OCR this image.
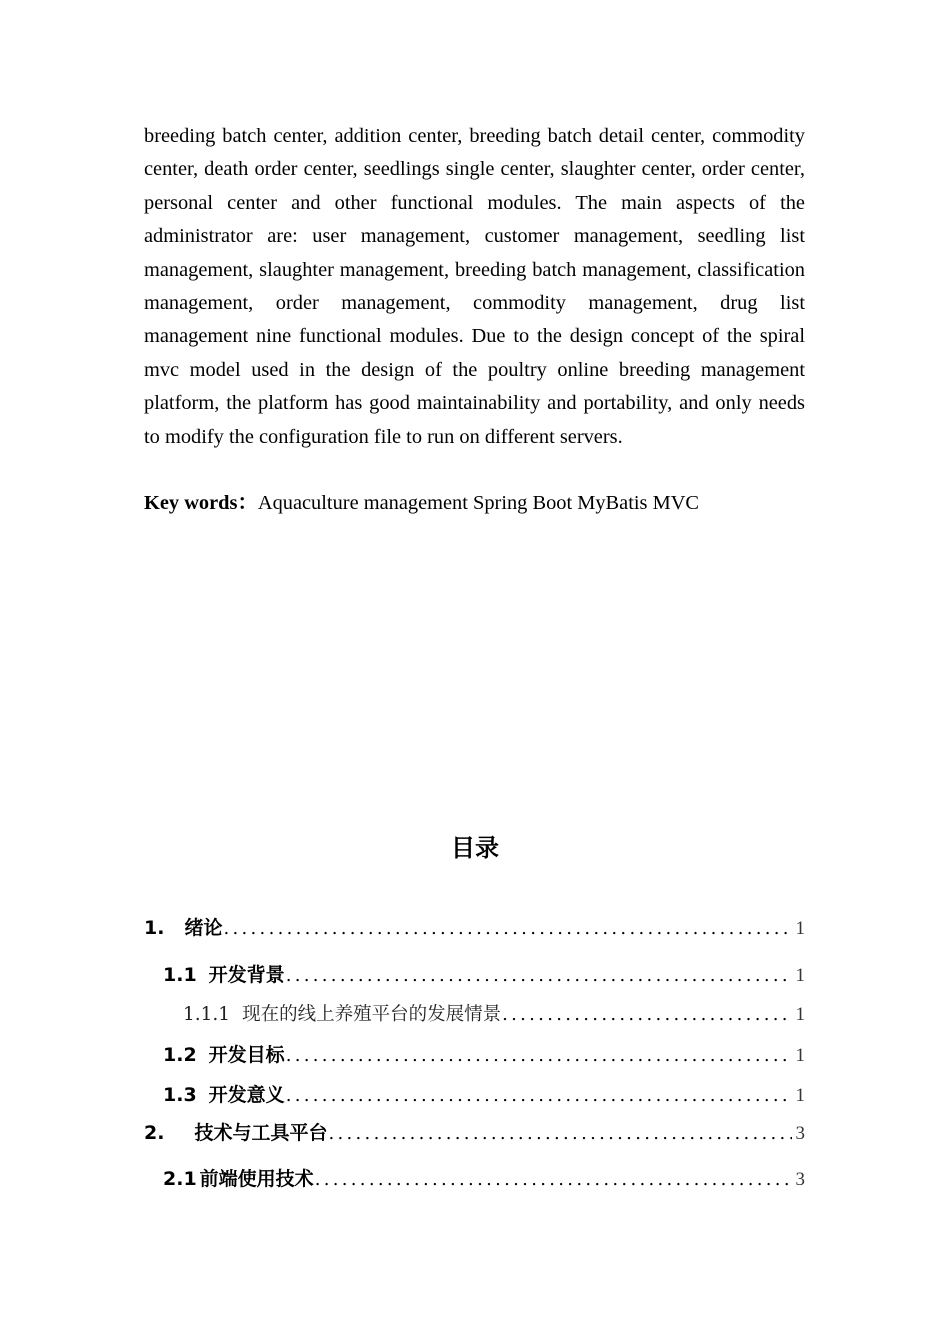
breeding batch center, addition center, breeding batch detail center, commodity center, death order center, seedlings single center, slaughter center, order center, personal center and other functional modules. The main aspects of the administrator are: user management, customer management, seedling list management, slaughter management, breeding batch management, classification management, order management, commodity management, drug list management nine functional modules. Due to the design concept of the spiral mvc model used in the design of the poultry online breeding management platform, the platform has good maintainability and portability, and only needs to modify the configuration file to run on different servers.

Key words：Aquaculture management Spring Boot MyBatis MVC
目录
1. 绪论 .....	1
1.1 开发背景 .....	1
1.1.1 现在的线上养殖平台的发展情景 .....	1
1.2 开发目标 .....	1
1.3 开发意义 .....	1
2. 技术与工具平台 .....	3
2.1 前端使用技术 .....	3
